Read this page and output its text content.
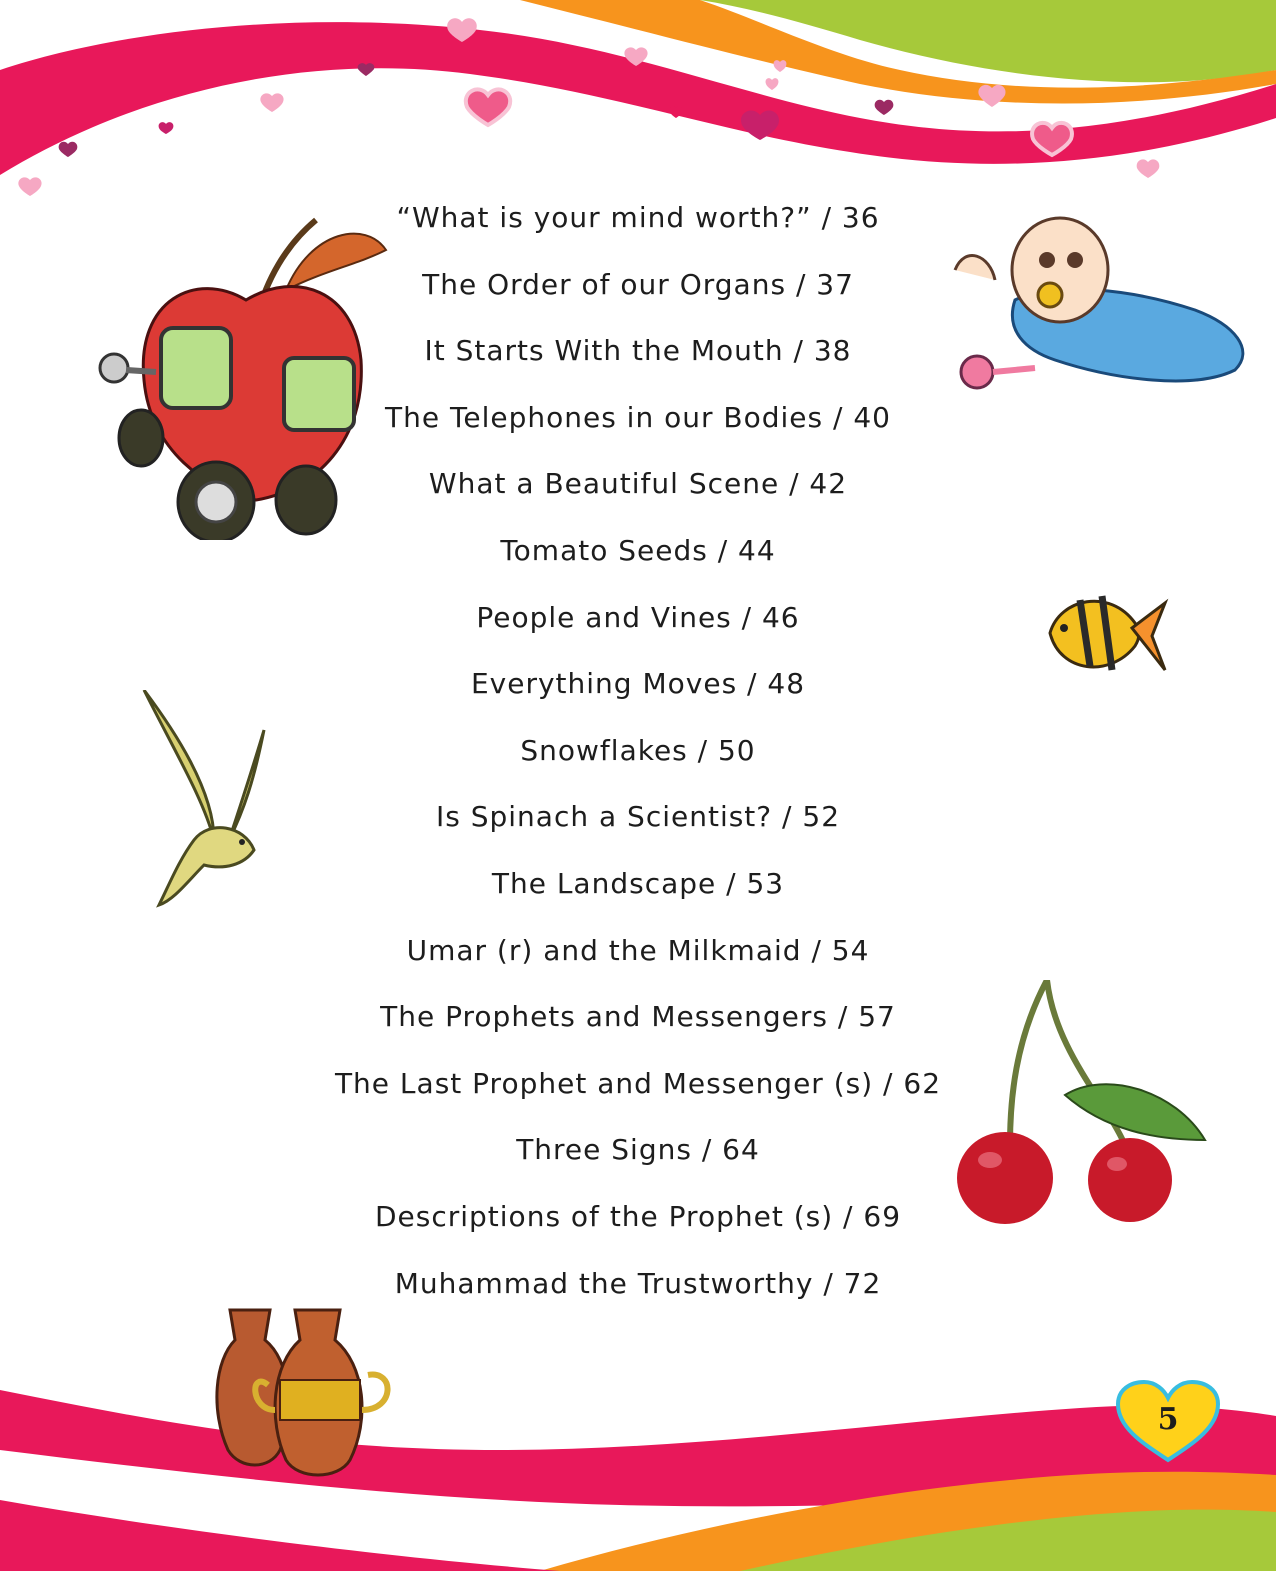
5
“What is your mind worth?” / 36
The Order of our Organs / 37
It Starts With the Mouth / 38
The Telephones in our Bodies / 40
What a Beautiful Scene / 42
Tomato Seeds / 44
People and Vines / 46
Everything Moves / 48
Snowflakes / 50
Is Spinach a Scientist? / 52
The Landscape / 53
Umar (r) and the Milkmaid / 54
The Prophets and Messengers / 57
The Last Prophet and Messenger (s) / 62
Three Signs / 64
Descriptions of the Prophet (s) / 69
Muhammad the Trustworthy / 72
